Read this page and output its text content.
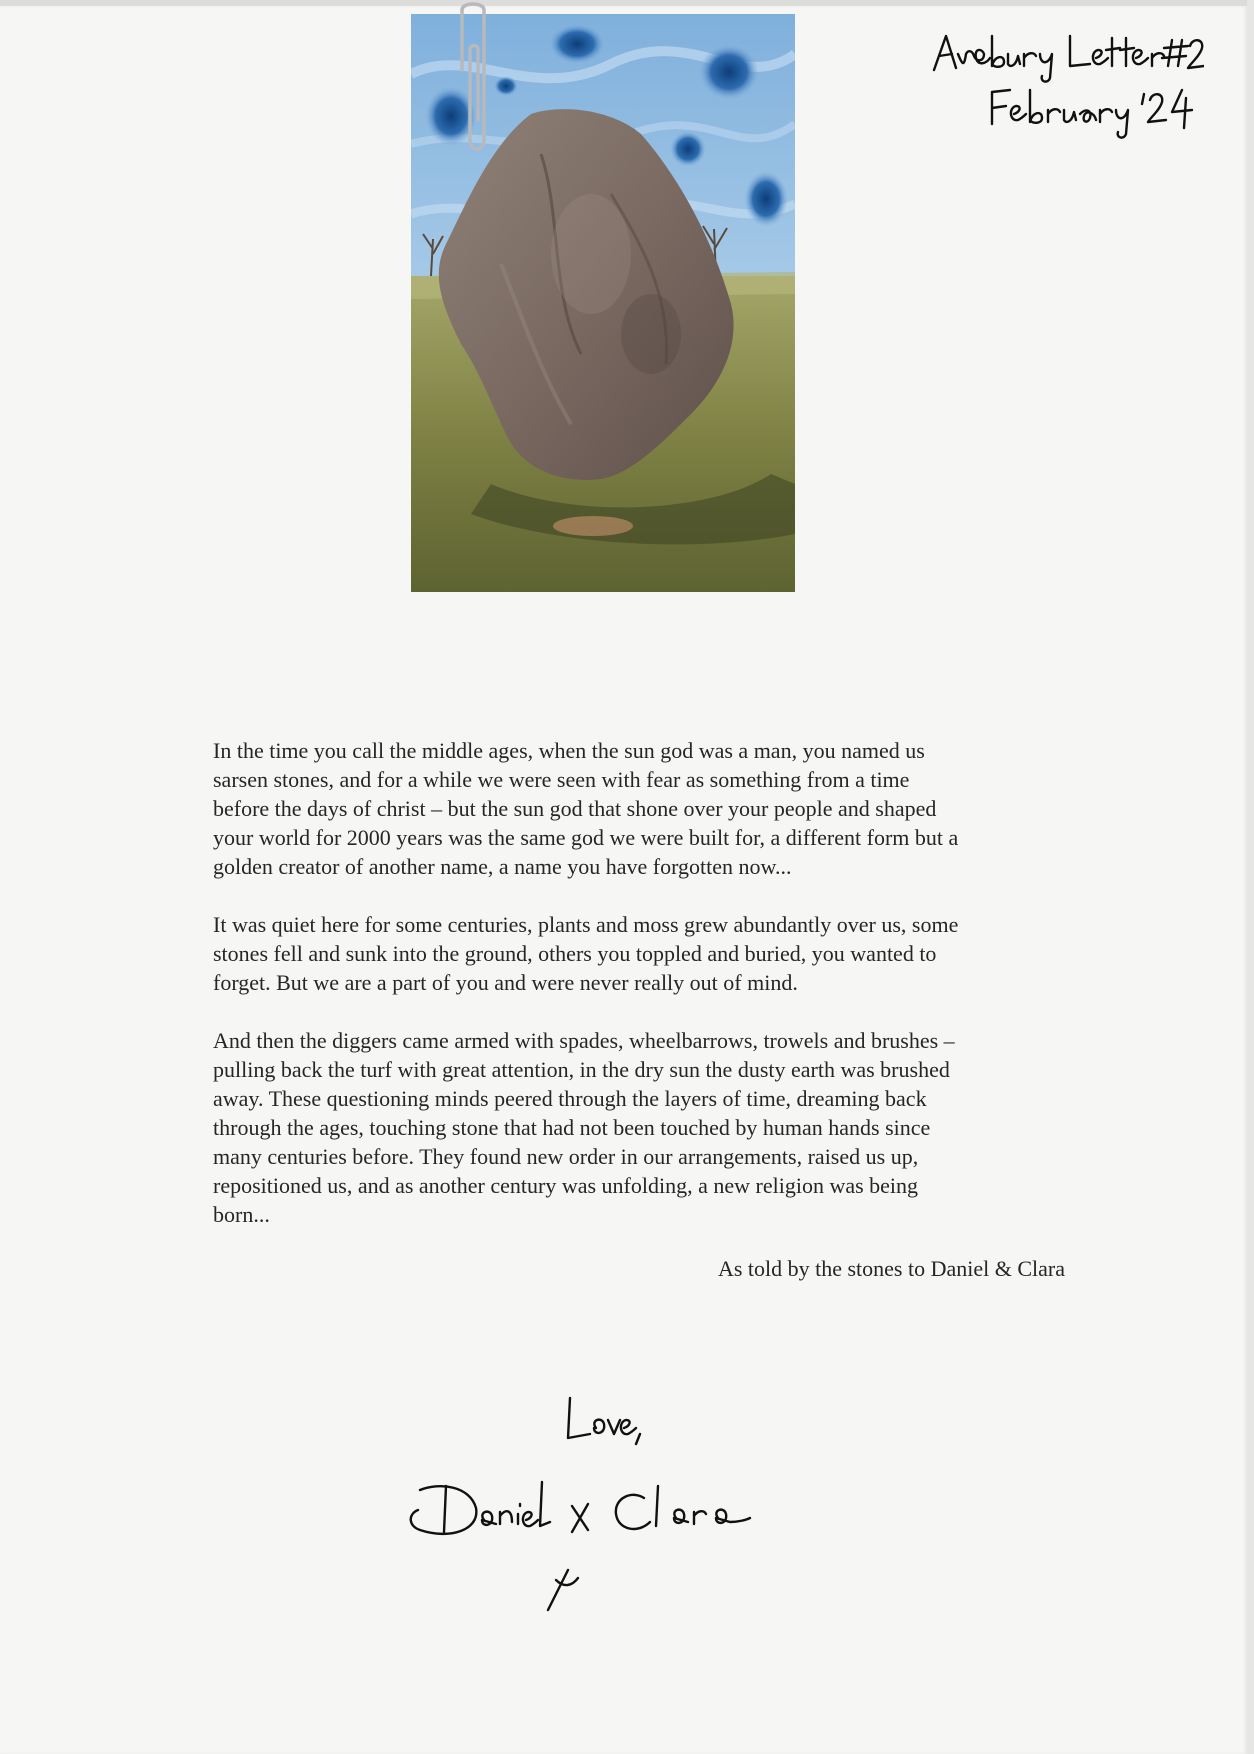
In the time you call the middle ages, when the sun god was a man, you named us
sarsen stones, and for a while we were seen with fear as something from a time
before the days of christ – but the sun god that shone over your people and shaped
your world for 2000 years was the same god we were built for, a different form but a
golden creator of another name, a name you have forgotten now...

It was quiet here for some centuries, plants and moss grew abundantly over us, some
stones fell and sunk into the ground, others you toppled and buried, you wanted to
forget. But we are a part of you and were never really out of mind.

And then the diggers came armed with spades, wheelbarrows, trowels and brushes –
pulling back the turf with great attention, in the dry sun the dusty earth was brushed
away. These questioning minds peered through the layers of time, dreaming back
through the ages, touching stone that had not been touched by human hands since
many centuries before. They found new order in our arrangements, raised us up,
repositioned us, and as another century was unfolding, a new religion was being
born...

As told by the stones to Daniel & Clara
